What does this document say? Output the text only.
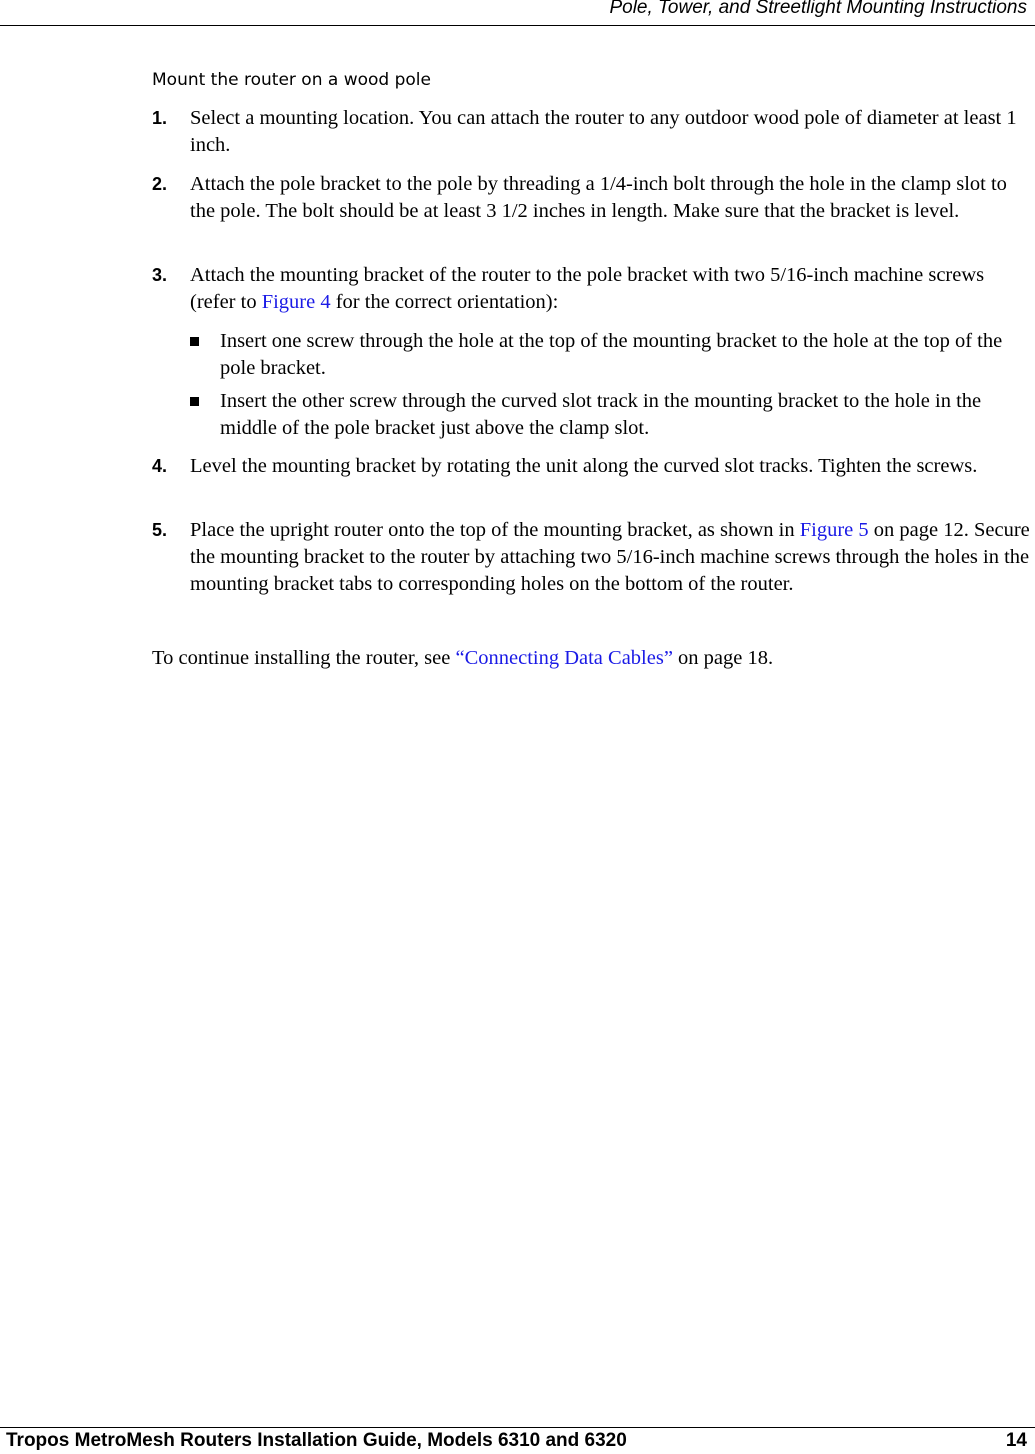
Pole, Tower, and Streetlight Mounting Instructions
Mount the router on a wood pole
1. Select a mounting location. You can attach the router to any outdoor wood pole of diameter at least 1 inch.
2. Attach the pole bracket to the pole by threading a 1/4-inch bolt through the hole in the clamp slot to the pole. The bolt should be at least 3 1/2 inches in length. Make sure that the bracket is level.
3. Attach the mounting bracket of the router to the pole bracket with two 5/16-inch machine screws (refer to Figure 4 for the correct orientation):
Insert one screw through the hole at the top of the mounting bracket to the hole at the top of the pole bracket.
Insert the other screw through the curved slot track in the mounting bracket to the hole in the middle of the pole bracket just above the clamp slot.
4. Level the mounting bracket by rotating the unit along the curved slot tracks. Tighten the screws.
5. Place the upright router onto the top of the mounting bracket, as shown in Figure 5 on page 12. Secure the mounting bracket to the router by attaching two 5/16-inch machine screws through the holes in the mounting bracket tabs to corresponding holes on the bottom of the router.
To continue installing the router, see “Connecting Data Cables” on page 18.
Tropos MetroMesh Routers Installation Guide, Models 6310 and 6320	14
